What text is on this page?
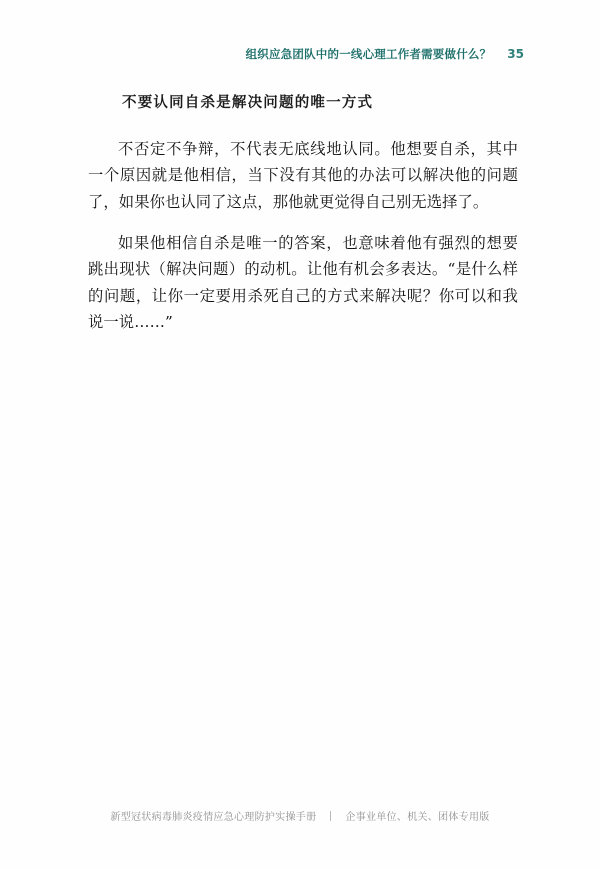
组织应急团队中的一线心理工作者需要做什么？ 35
不要认同自杀是解决问题的唯一方式

不否定不争辩，不代表无底线地认同。他想要自杀，其中一个原因就是他相信，当下没有其他的办法可以解决他的问题了，如果你也认同了这点，那他就更觉得自己别无选择了。

如果他相信自杀是唯一的答案，也意味着他有强烈的想要跳出现状（解决问题）的动机。让他有机会多表达。“是什么样的问题，让你一定要用杀死自己的方式来解决呢？你可以和我说一说……”

新型冠状病毒肺炎疫情应急心理防护实操手册	企事业单位、机关、团体专用版
